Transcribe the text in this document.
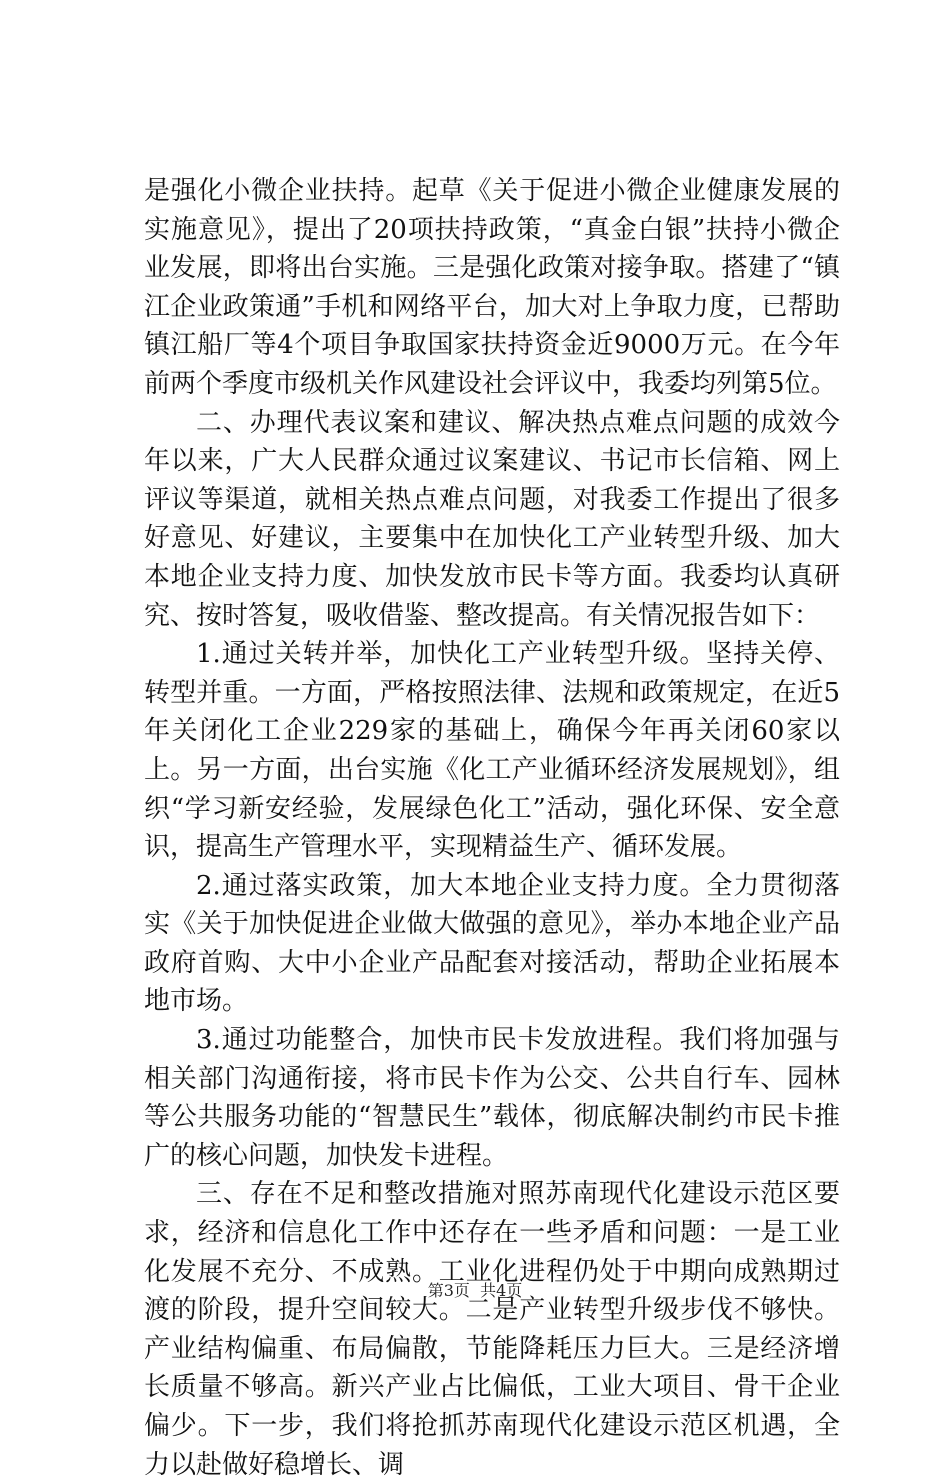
是强化小微企业扶持。起草《关于促进小微企业健康发展的实施意见》，提出了20项扶持政策，“真金白银”扶持小微企业发展，即将出台实施。三是强化政策对接争取。搭建了“镇江企业政策通”手机和网络平台，加大对上争取力度，已帮助镇江船厂等4个项目争取国家扶持资金近9000万元。在今年前两个季度市级机关作风建设社会评议中，我委均列第5位。

二、办理代表议案和建议、解决热点难点问题的成效今年以来，广大人民群众通过议案建议、书记市长信箱、网上评议等渠道，就相关热点难点问题，对我委工作提出了很多好意见、好建议，主要集中在加快化工产业转型升级、加大本地企业支持力度、加快发放市民卡等方面。我委均认真研究、按时答复，吸收借鉴、整改提高。有关情况报告如下：

1.通过关转并举，加快化工产业转型升级。坚持关停、转型并重。一方面，严格按照法律、法规和政策规定，在近5年关闭化工企业229家的基础上，确保今年再关闭60家以上。另一方面，出台实施《化工产业循环经济发展规划》，组织“学习新安经验，发展绿色化工”活动，强化环保、安全意识，提高生产管理水平，实现精益生产、循环发展。

2.通过落实政策，加大本地企业支持力度。全力贯彻落实《关于加快促进企业做大做强的意见》，举办本地企业产品政府首购、大中小企业产品配套对接活动，帮助企业拓展本地市场。

3.通过功能整合，加快市民卡发放进程。我们将加强与相关部门沟通衔接，将市民卡作为公交、公共自行车、园林等公共服务功能的“智慧民生”载体，彻底解决制约市民卡推广的核心问题，加快发卡进程。

三、存在不足和整改措施对照苏南现代化建设示范区要求，经济和信息化工作中还存在一些矛盾和问题：一是工业化发展不充分、不成熟。工业化进程仍处于中期向成熟期过渡的阶段，提升空间较大。二是产业转型升级步伐不够快。产业结构偏重、布局偏散，节能降耗压力巨大。三是经济增长质量不够高。新兴产业占比偏低，工业大项目、骨干企业偏少。下一步，我们将抢抓苏南现代化建设示范区机遇，全力以赴做好稳增长、调

第3页  共4页
